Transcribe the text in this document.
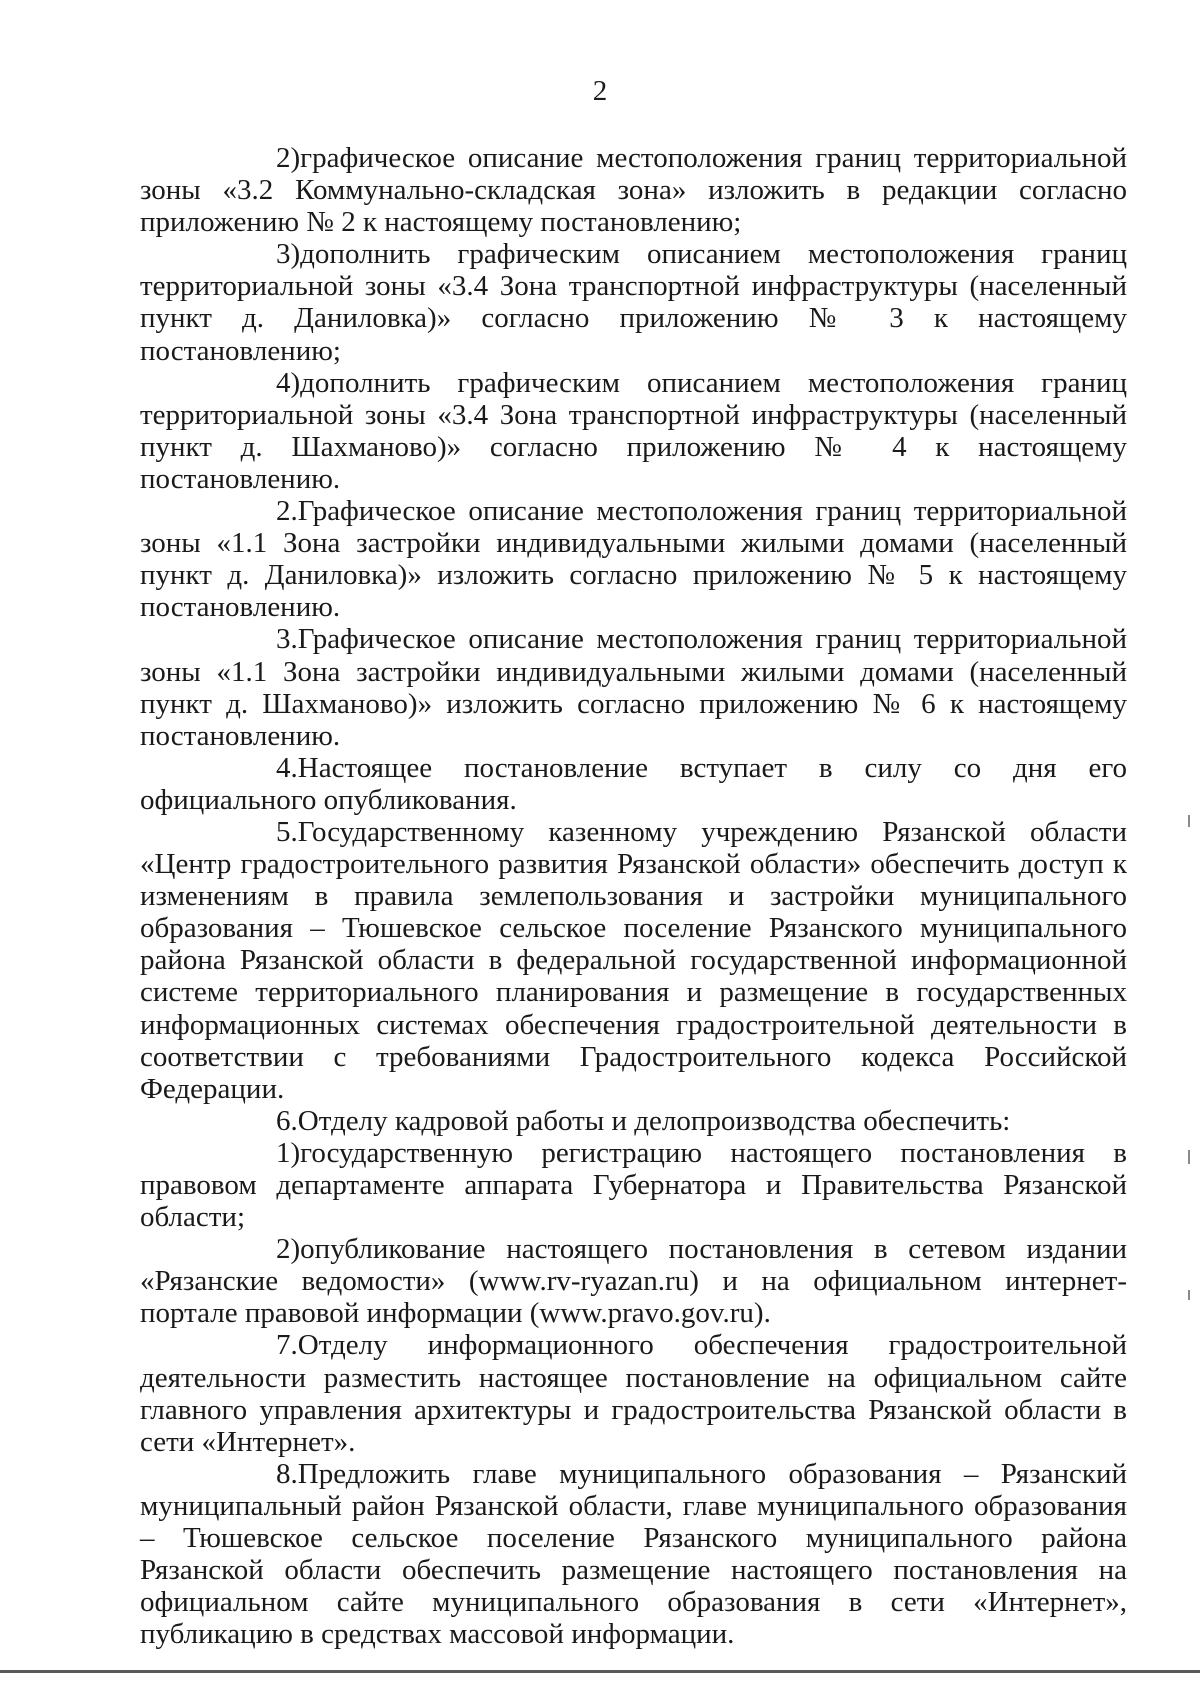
2

2)графическое описание местоположения границ территориальной зоны «3.2 Коммунально-складская зона» изложить в редакции согласно приложению № 2 к настоящему постановлению;

3)дополнить графическим описанием местоположения границ территориальной зоны «3.4 Зона транспортной инфраструктуры (населенный пункт д. Даниловка)» согласно приложению № 3 к настоящему постановлению;

4)дополнить графическим описанием местоположения границ территориальной зоны «3.4 Зона транспортной инфраструктуры (населенный пункт д. Шахманово)» согласно приложению № 4 к настоящему постановлению.

2.Графическое описание местоположения границ территориальной зоны «1.1 Зона застройки индивидуальными жилыми домами (населенный пункт д. Даниловка)» изложить согласно приложению № 5 к настоящему постановлению.

3.Графическое описание местоположения границ территориальной зоны «1.1 Зона застройки индивидуальными жилыми домами (населенный пункт д. Шахманово)» изложить согласно приложению № 6 к настоящему постановлению.

4.Настоящее постановление вступает в силу со дня его официального опубликования.

5.Государственному казенному учреждению Рязанской области «Центр градостроительного развития Рязанской области» обеспечить доступ к изменениям в правила землепользования и застройки муниципального образования – Тюшевское сельское поселение Рязанского муниципального района Рязанской области в федеральной государственной информационной системе территориального планирования и размещение в государственных информационных системах обеспечения градостроительной деятельности в соответствии с требованиями Градостроительного кодекса Российской Федерации.

6.Отделу кадровой работы и делопроизводства обеспечить:

1)государственную регистрацию настоящего постановления в правовом департаменте аппарата Губернатора и Правительства Рязанской области;

2)опубликование настоящего постановления в сетевом издании «Рязанские ведомости» (www.rv-ryazan.ru) и на официальном интернет-портале правовой информации (www.pravo.gov.ru).

7.Отделу информационного обеспечения градостроительной деятельности разместить настоящее постановление на официальном сайте главного управления архитектуры и градостроительства Рязанской области в сети «Интернет».

8.Предложить главе муниципального образования – Рязанский муниципальный район Рязанской области, главе муниципального образования – Тюшевское сельское поселение Рязанского муниципального района Рязанской области обеспечить размещение настоящего постановления на официальном сайте муниципального образования в сети «Интернет», публикацию в средствах массовой информации.
